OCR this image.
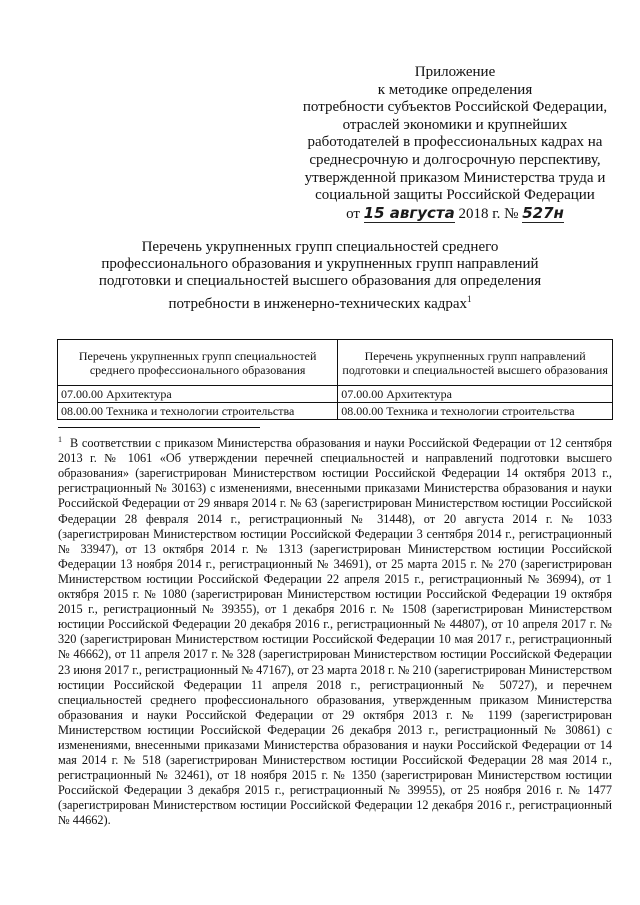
Приложение
к методике определения
потребности субъектов Российской Федерации,
отраслей экономики и крупнейших
работодателей в профессиональных кадрах на
среднесрочную и долгосрочную перспективу,
утвержденной приказом Министерства труда и
социальной защиты Российской Федерации
от 15 августа 2018 г. № 527н
Перечень укрупненных групп специальностей среднего
профессионального образования и укрупненных групп направлений
подготовки и специальностей высшего образования для определения
потребности в инженерно-технических кадрах$^1$
Перечень укрупненных групп специальностей среднего профессионального образования	Перечень укрупненных групп направлений подготовки и специальностей высшего образования
07.00.00 Архитектура	07.00.00 Архитектура
08.00.00 Техника и технологии строительства	08.00.00 Техника и технологии строительства
$^1$ В соответствии с приказом Министерства образования и науки Российской Федерации от 12 сентября 2013 г. № 1061 «Об утверждении перечней специальностей и направлений подготовки высшего образования» (зарегистрирован Министерством юстиции Российской Федерации 14 октября 2013 г., регистрационный № 30163) с изменениями, внесенными приказами Министерства образования и науки Российской Федерации от 29 января 2014 г. № 63 (зарегистрирован Министерством юстиции Российской Федерации 28 февраля 2014 г., регистрационный № 31448), от 20 августа 2014 г. № 1033 (зарегистрирован Министерством юстиции Российской Федерации 3 сентября 2014 г., регистрационный № 33947), от 13 октября 2014 г. № 1313 (зарегистрирован Министерством юстиции Российской Федерации 13 ноября 2014 г., регистрационный № 34691), от 25 марта 2015 г. № 270 (зарегистрирован Министерством юстиции Российской Федерации 22 апреля 2015 г., регистрационный № 36994), от 1 октября 2015 г. № 1080 (зарегистрирован Министерством юстиции Российской Федерации 19 октября 2015 г., регистрационный № 39355), от 1 декабря 2016 г. № 1508 (зарегистрирован Министерством юстиции Российской Федерации 20 декабря 2016 г., регистрационный № 44807), от 10 апреля 2017 г. № 320 (зарегистрирован Министерством юстиции Российской Федерации 10 мая 2017 г., регистрационный № 46662), от 11 апреля 2017 г. № 328 (зарегистрирован Министерством юстиции Российской Федерации 23 июня 2017 г., регистрационный № 47167), от 23 марта 2018 г. № 210 (зарегистрирован Министерством юстиции Российской Федерации 11 апреля 2018 г., регистрационный № 50727), и перечнем специальностей среднего профессионального образования, утвержденным приказом Министерства образования и науки Российской Федерации от 29 октября 2013 г. № 1199 (зарегистрирован Министерством юстиции Российской Федерации 26 декабря 2013 г., регистрационный № 30861) с изменениями, внесенными приказами Министерства образования и науки Российской Федерации от 14 мая 2014 г. № 518 (зарегистрирован Министерством юстиции Российской Федерации 28 мая 2014 г., регистрационный № 32461), от 18 ноября 2015 г. № 1350 (зарегистрирован Министерством юстиции Российской Федерации 3 декабря 2015 г., регистрационный № 39955), от 25 ноября 2016 г. № 1477 (зарегистрирован Министерством юстиции Российской Федерации 12 декабря 2016 г., регистрационный № 44662).
